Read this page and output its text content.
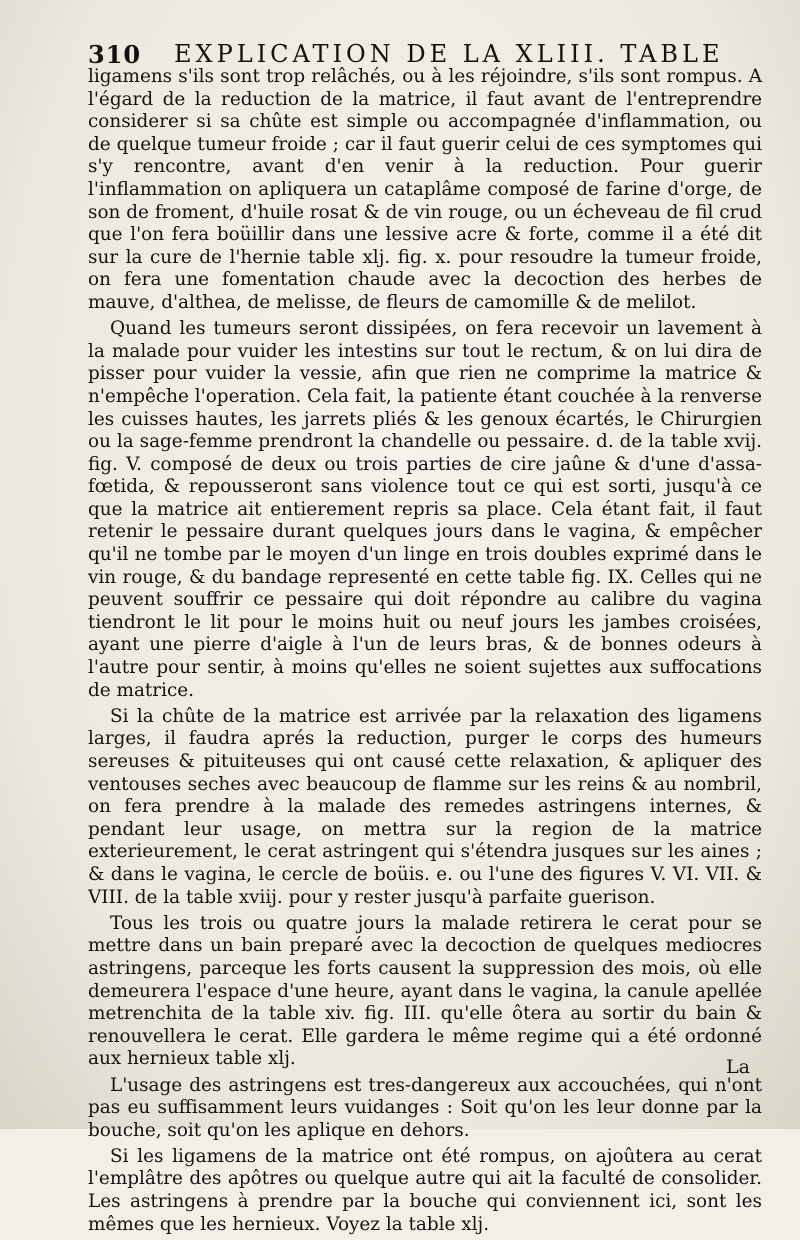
310 EXPLICATION DE LA XLIII. TABLE

ligamens s'ils sont trop relâchés, ou à les réjoindre, s'ils sont rompus. A l'égard de la reduction de la matrice, il faut avant de l'entreprendre considerer si sa chûte est simple ou accompagnée d'inflammation, ou de quelque tumeur froide ; car il faut guerir celui de ces symptomes qui s'y rencontre, avant d'en venir à la reduction. Pour guerir l'inflammation on apliquera un cataplâme composé de farine d'orge, de son de froment, d'huile rosat & de vin rouge, ou un écheveau de fil crud que l'on fera boüillir dans une lessive acre & forte, comme il a été dit sur la cure de l'hernie table xlj. fig. x. pour resoudre la tumeur froide, on fera une fomentation chaude avec la decoction des herbes de mauve, d'althea, de melisse, de fleurs de camomille & de melilot.

Quand les tumeurs seront dissipées, on fera recevoir un lavement à la malade pour vuider les intestins sur tout le rectum, & on lui dira de pisser pour vuider la vessie, afin que rien ne comprime la matrice & n'empêche l'operation. Cela fait, la patiente étant couchée à la renverse les cuisses hautes, les jarrets pliés & les genoux écartés, le Chirurgien ou la sage-femme prendront la chandelle ou pessaire. d. de la table xvij. fig. V. composé de deux ou trois parties de cire jaûne & d'une d'assa-fœtida, & repousseront sans violence tout ce qui est sorti, jusqu'à ce que la matrice ait entierement repris sa place. Cela étant fait, il faut retenir le pessaire durant quelques jours dans le vagina, & empêcher qu'il ne tombe par le moyen d'un linge en trois doubles exprimé dans le vin rouge, & du bandage representé en cette table fig. IX. Celles qui ne peuvent souffrir ce pessaire qui doit répondre au calibre du vagina tiendront le lit pour le moins huit ou neuf jours les jambes croisées, ayant une pierre d'aigle à l'un de leurs bras, & de bonnes odeurs à l'autre pour sentir, à moins qu'elles ne soient sujettes aux suffocations de matrice.

Si la chûte de la matrice est arrivée par la relaxation des ligamens larges, il faudra aprés la reduction, purger le corps des humeurs sereuses & pituiteuses qui ont causé cette relaxation, & apliquer des ventouses seches avec beaucoup de flamme sur les reins & au nombril, on fera prendre à la malade des remedes astringens internes, & pendant leur usage, on mettra sur la region de la matrice exterieurement, le cerat astringent qui s'étendra jusques sur les aines ; & dans le vagina, le cercle de boüis. e. ou l'une des figures V. VI. VII. & VIII. de la table xviij. pour y rester jusqu'à parfaite guerison.

Tous les trois ou quatre jours la malade retirera le cerat pour se mettre dans un bain preparé avec la decoction de quelques mediocres astringens, parceque les forts causent la suppression des mois, où elle demeurera l'espace d'une heure, ayant dans le vagina, la canule apellée metrenchita de la table xiv. fig. III. qu'elle ôtera au sortir du bain & renouvellera le cerat. Elle gardera le même regime qui a été ordonné aux hernieux table xlj.

L'usage des astringens est tres-dangereux aux accouchées, qui n'ont pas eu suffisamment leurs vuidanges : Soit qu'on les leur donne par la bouche, soit qu'on les aplique en dehors.

Si les ligamens de la matrice ont été rompus, on ajoûtera au cerat l'emplâtre des apôtres ou quelque autre qui ait la faculté de consolider. Les astringens à prendre par la bouche qui conviennent ici, sont les mêmes que les hernieux. Voyez la table xlj.

La
